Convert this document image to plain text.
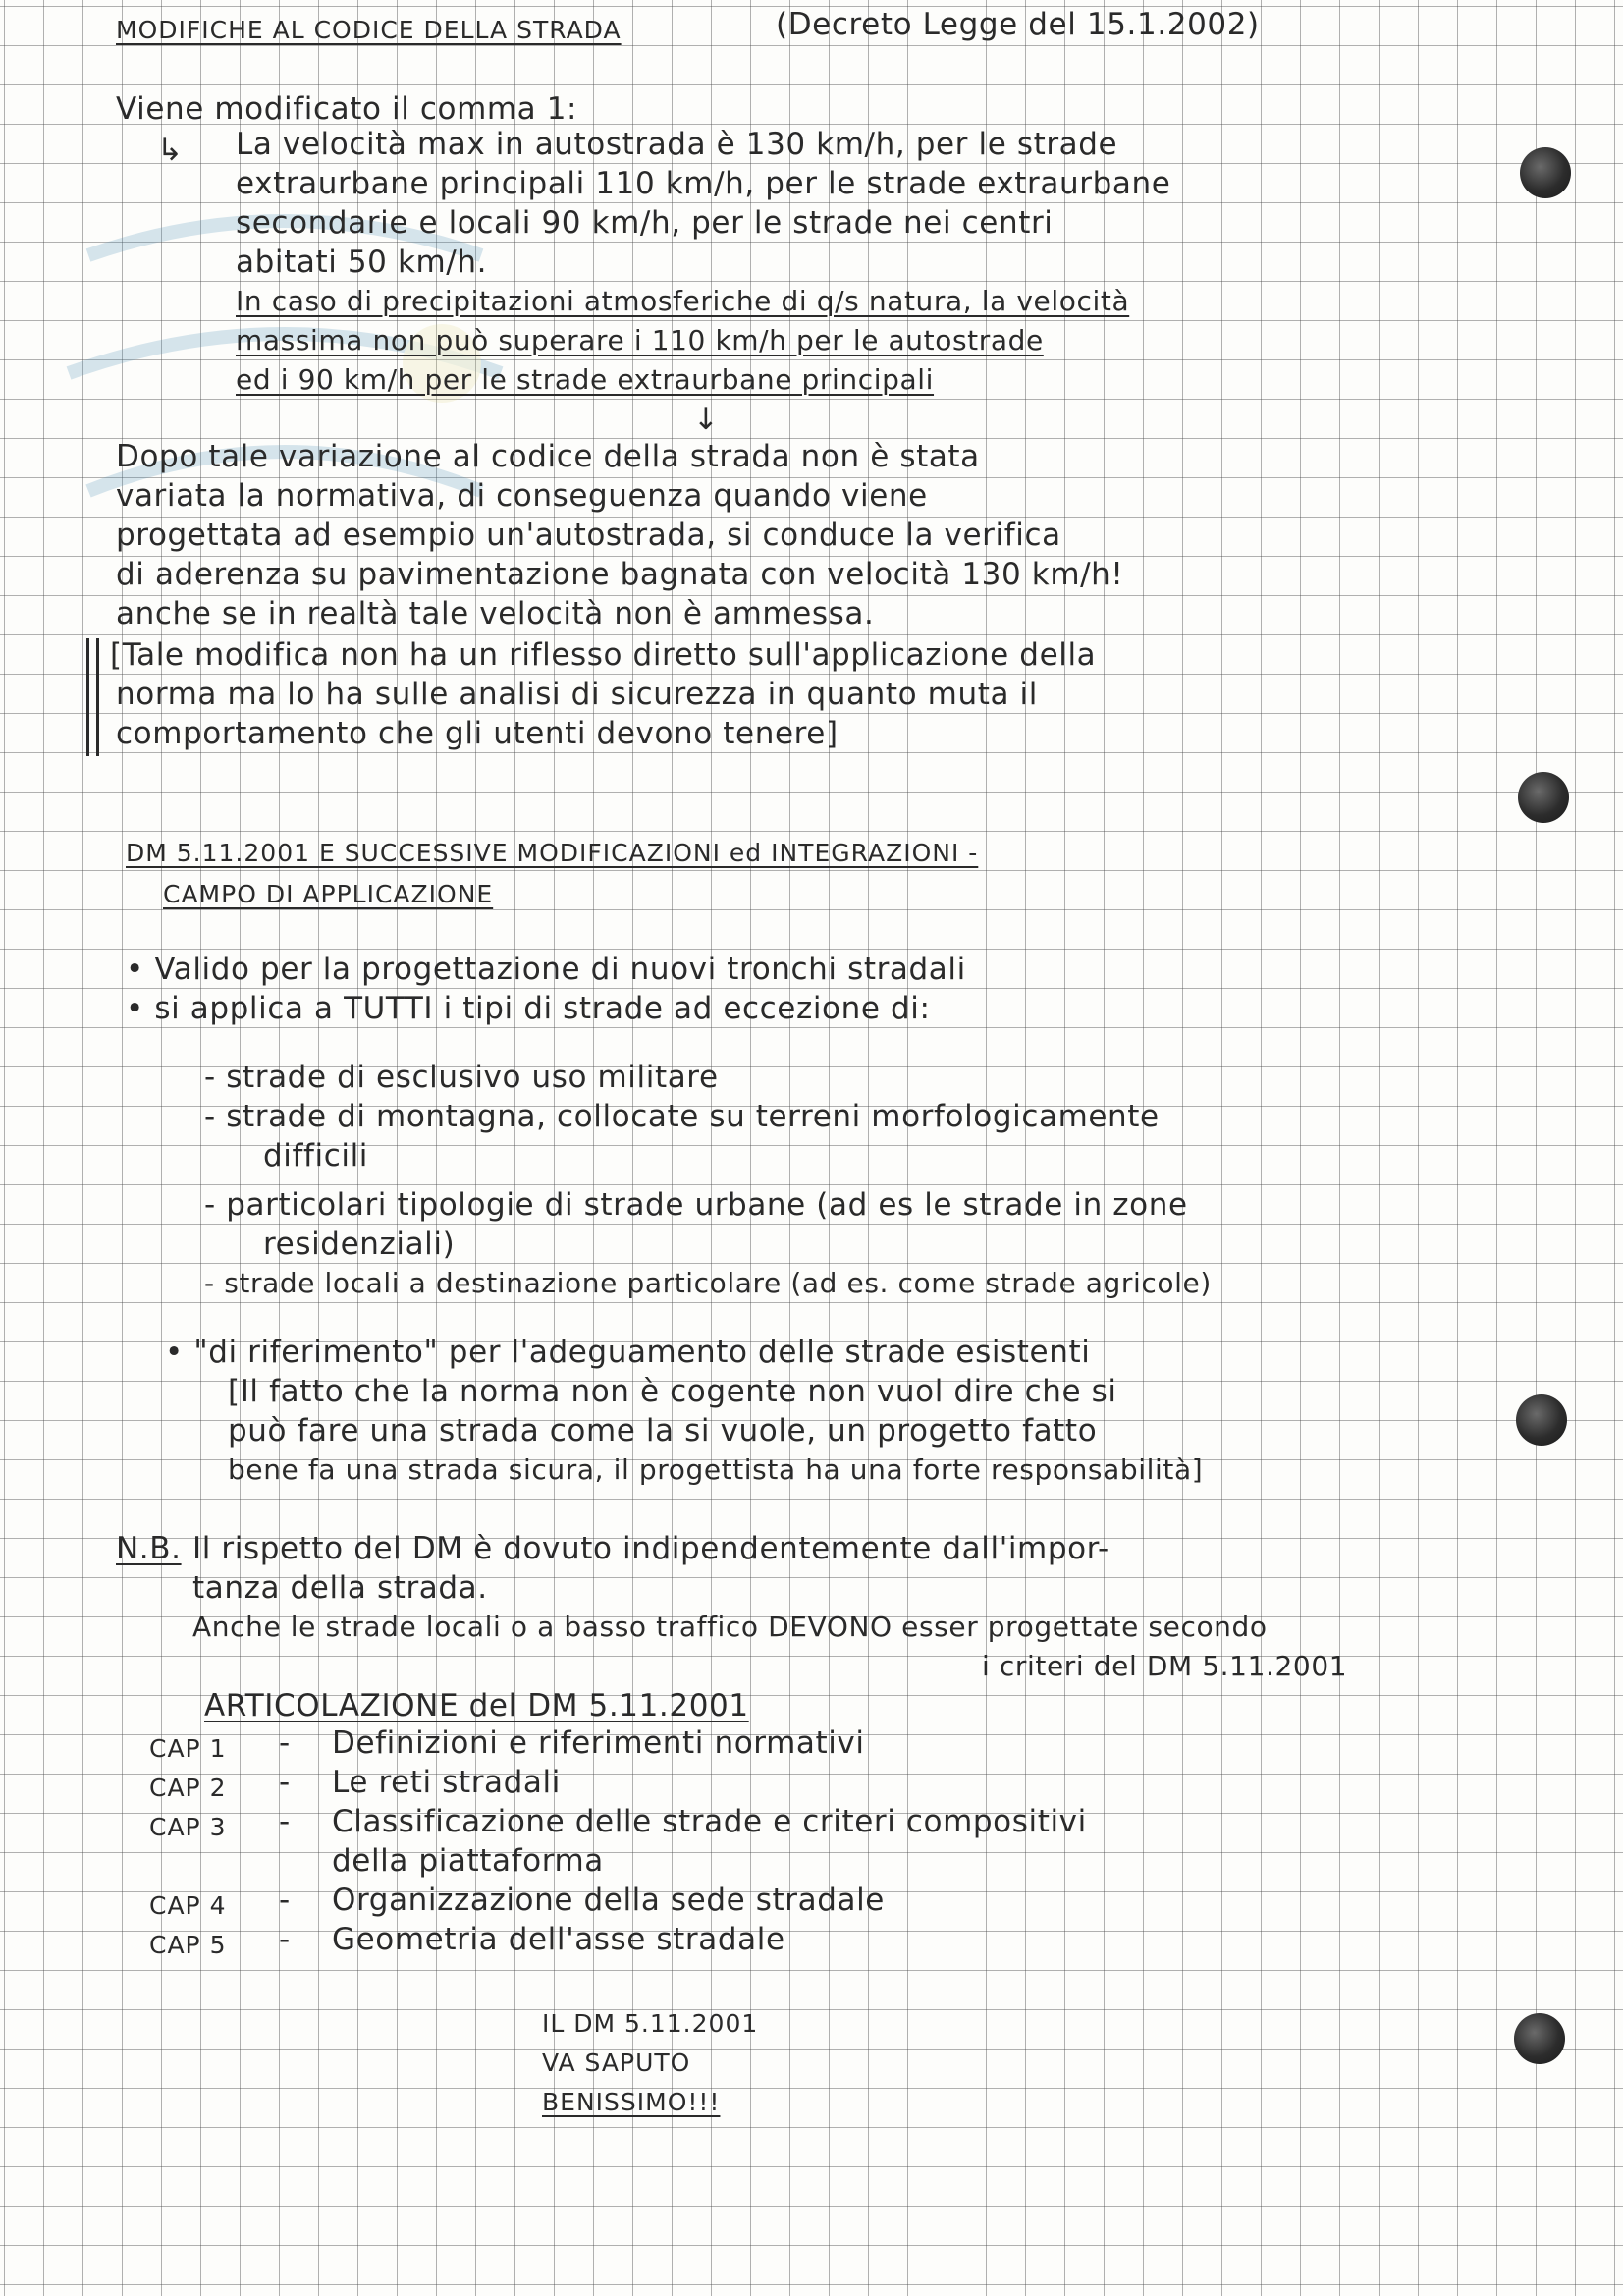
MODIFICHE AL CODICE DELLA STRADA	(Decreto Legge del 15.1.2002)
Viene modificato il comma 1:
↳ La velocità max in autostrada è 130 km/h, per le strade
extraurbane principali 110 km/h, per le strade extraurbane
secondarie e locali 90 km/h, per le strade nei centri
abitati 50 km/h.
In caso di precipitazioni atmosferiche di q/s natura, la velocità
massima non può superare i 110 km/h per le autostrade
ed i 90 km/h per le strade extraurbane principali
↓
Dopo tale variazione al codice della strada non è stata
variata la normativa, di conseguenza quando viene
progettata ad esempio un'autostrada, si conduce la verifica
di aderenza su pavimentazione bagnata con velocità 130 km/h!
anche se in realtà tale velocità non è ammessa.
[Tale modifica non ha un riflesso diretto sull'applicazione della
norma ma lo ha sulle analisi di sicurezza in quanto muta il
comportamento che gli utenti devono tenere]
DM 5.11.2001 E SUCCESSIVE MODIFICAZIONI ed INTEGRAZIONI -
CAMPO DI APPLICAZIONE
• Valido per la progettazione di nuovi tronchi stradali
• si applica a TUTTI i tipi di strade ad eccezione di:
- strade di esclusivo uso militare
- strade di montagna, collocate su terreni morfologicamente
difficili
- particolari tipologie di strade urbane (ad es le strade in zone
residenziali)
- strade locali a destinazione particolare (ad es. come strade agricole)
• "di riferimento" per l'adeguamento delle strade esistenti
[Il fatto che la norma non è cogente non vuol dire che si
può fare una strada come la si vuole, un progetto fatto
bene fa una strada sicura, il progettista ha una forte responsabilità]
N.B. Il rispetto del DM è dovuto indipendentemente dall'impor-
tanza della strada.
Anche le strade locali o a basso traffico DEVONO esser progettate secondo
i criteri del DM 5.11.2001
ARTICOLAZIONE del DM 5.11.2001
CAP 1 - Definizioni e riferimenti normativi
CAP 2 - Le reti stradali
CAP 3 - Classificazione delle strade e criteri compositivi
della piattaforma
CAP 4 - Organizzazione della sede stradale
CAP 5 - Geometria dell'asse stradale
IL DM 5.11.2001
VA SAPUTO
BENISSIMO!!!
